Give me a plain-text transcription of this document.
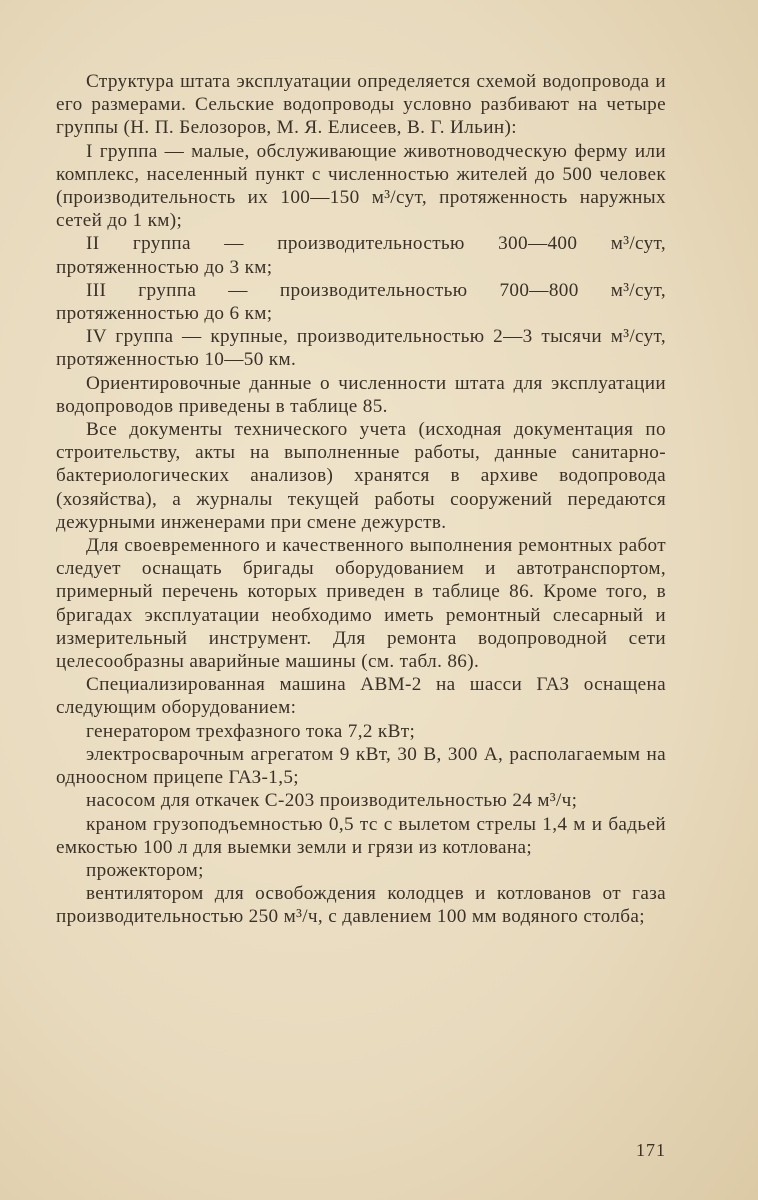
Структура штата эксплуатации определяется схемой водопровода и его размерами. Сельские водопроводы условно разбивают на четыре группы (Н. П. Белозоров, М. Я. Елисеев, В. Г. Ильин):

I группа — малые, обслуживающие животноводческую ферму или комплекс, населенный пункт с численностью жителей до 500 человек (производительность их 100—150 м³/сут, протяженность наружных сетей до 1 км);

II группа — производительностью 300—400 м³/сут, протяженностью до 3 км;

III группа — производительностью 700—800 м³/сут, протяженностью до 6 км;

IV группа — крупные, производительностью 2—3 тысячи м³/сут, протяженностью 10—50 км.

Ориентировочные данные о численности штата для эксплуатации водопроводов приведены в таблице 85.

Все документы технического учета (исходная документация по строительству, акты на выполненные работы, данные санитарно-бактериологических анализов) хранятся в архиве водопровода (хозяйства), а журналы текущей работы сооружений передаются дежурными инженерами при смене дежурств.

Для своевременного и качественного выполнения ремонтных работ следует оснащать бригады оборудованием и автотранспортом, примерный перечень которых приведен в таблице 86. Кроме того, в бригадах эксплуатации необходимо иметь ремонтный слесарный и измерительный инструмент. Для ремонта водопроводной сети целесообразны аварийные машины (см. табл. 86).

Специализированная машина АВМ-2 на шасси ГАЗ оснащена следующим оборудованием:

генератором трехфазного тока 7,2 кВт;

электросварочным агрегатом 9 кВт, 30 В, 300 А, располагаемым на одноосном прицепе ГАЗ-1,5;

насосом для откачек С-203 производительностью 24 м³/ч;

краном грузоподъемностью 0,5 тс с вылетом стрелы 1,4 м и бадьей емкостью 100 л для выемки земли и грязи из котлована;

прожектором;

вентилятором для освобождения колодцев и котлованов от газа производительностью 250 м³/ч, с давлением 100 мм водяного столба;

171
